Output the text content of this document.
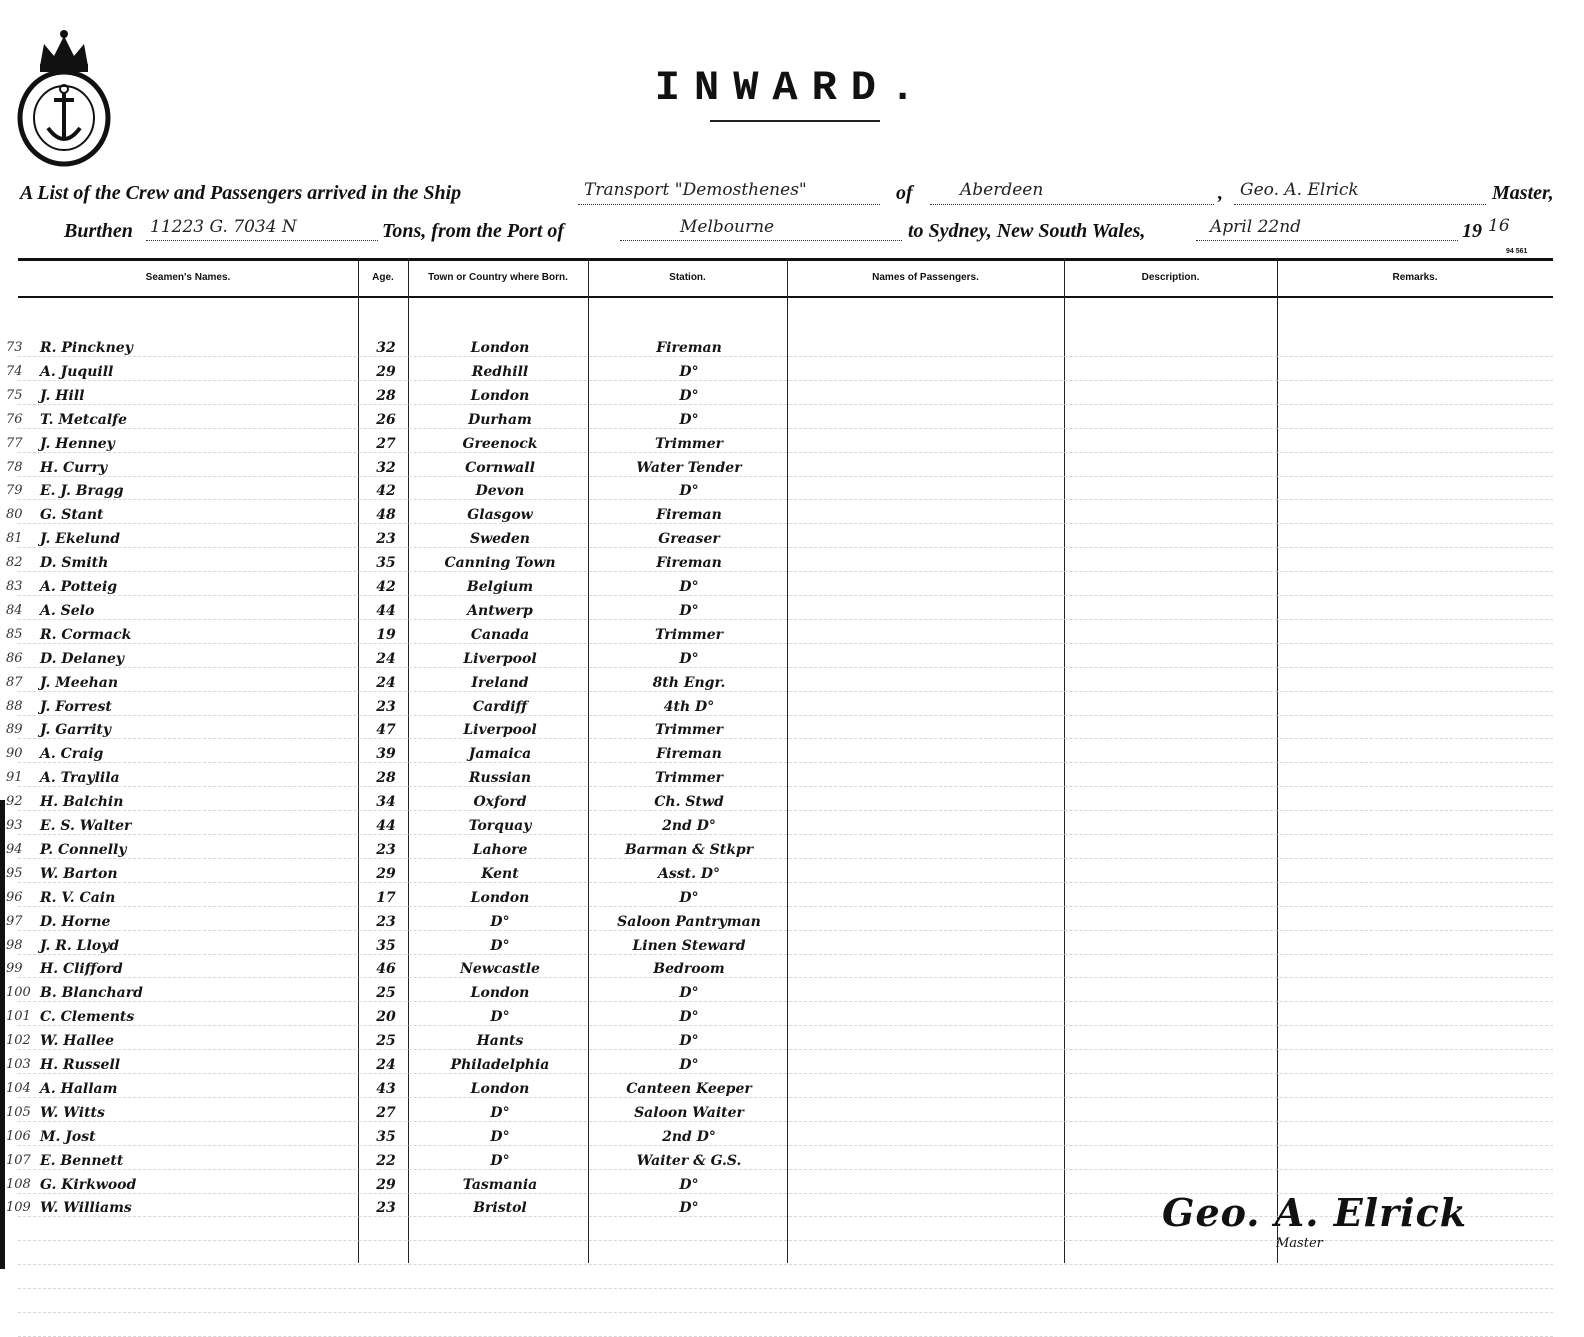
INWARD.
A List of the Crew and Passengers arrived in the Ship	Transport "Demosthenes"	of	Aberdeen	, Geo. A. Elrick	Master,
Burthen 11223 G. 7034 N	Tons, from the Port of	Melbourne	to Sydney, New South Wales,	April 22nd	19 16
94 561
Seamen's Names.	Age.	Town or Country where Born.	Station.	Names of Passengers.	Description.	Remarks.
73	R. Pinckney	32	London	Fireman
74	A. Juquill	29	Redhill	D°
75	J. Hill	28	London	D°
76	T. Metcalfe	26	Durham	D°
77	J. Henney	27	Greenock	Trimmer
78	H. Curry	32	Cornwall	Water Tender
79	E. J. Bragg	42	Devon	D°
80	G. Stant	48	Glasgow	Fireman
81	J. Ekelund	23	Sweden	Greaser
82	D. Smith	35	Canning Town	Fireman
83	A. Potteig	42	Belgium	D°
84	A. Selo	44	Antwerp	D°
85	R. Cormack	19	Canada	Trimmer
86	D. Delaney	24	Liverpool	D°
87	J. Meehan	24	Ireland	8th Engr.
88	J. Forrest	23	Cardiff	4th D°
89	J. Garrity	47	Liverpool	Trimmer
90	A. Craig	39	Jamaica	Fireman
91	A. Traylila	28	Russian	Trimmer
92	H. Balchin	34	Oxford	Ch. Stwd
93	E. S. Walter	44	Torquay	2nd D°
94	P. Connelly	23	Lahore	Barman & Stkpr
95	W. Barton	29	Kent	Asst. D°
96	R. V. Cain	17	London	D°
97	D. Horne	23	D°	Saloon Pantryman
98	J. R. Lloyd	35	D°	Linen Steward
99	H. Clifford	46	Newcastle	Bedroom
100 B. Blanchard	25	London	D°
101 C. Clements	20	D°	D°
102 W. Hallee	25	Hants	D°
103 H. Russell	24	Philadelphia	D°
104 A. Hallam	43	London	Canteen Keeper
105 W. Witts	27	D°	Saloon Waiter
106 M. Jost	35	D°	2nd D°
107 E. Bennett	22	D°	Waiter & G.S.
108 G. Kirkwood	29	Tasmania	D°
109 W. Williams	23	Bristol	D°	Geo. A. Elrick
Master
